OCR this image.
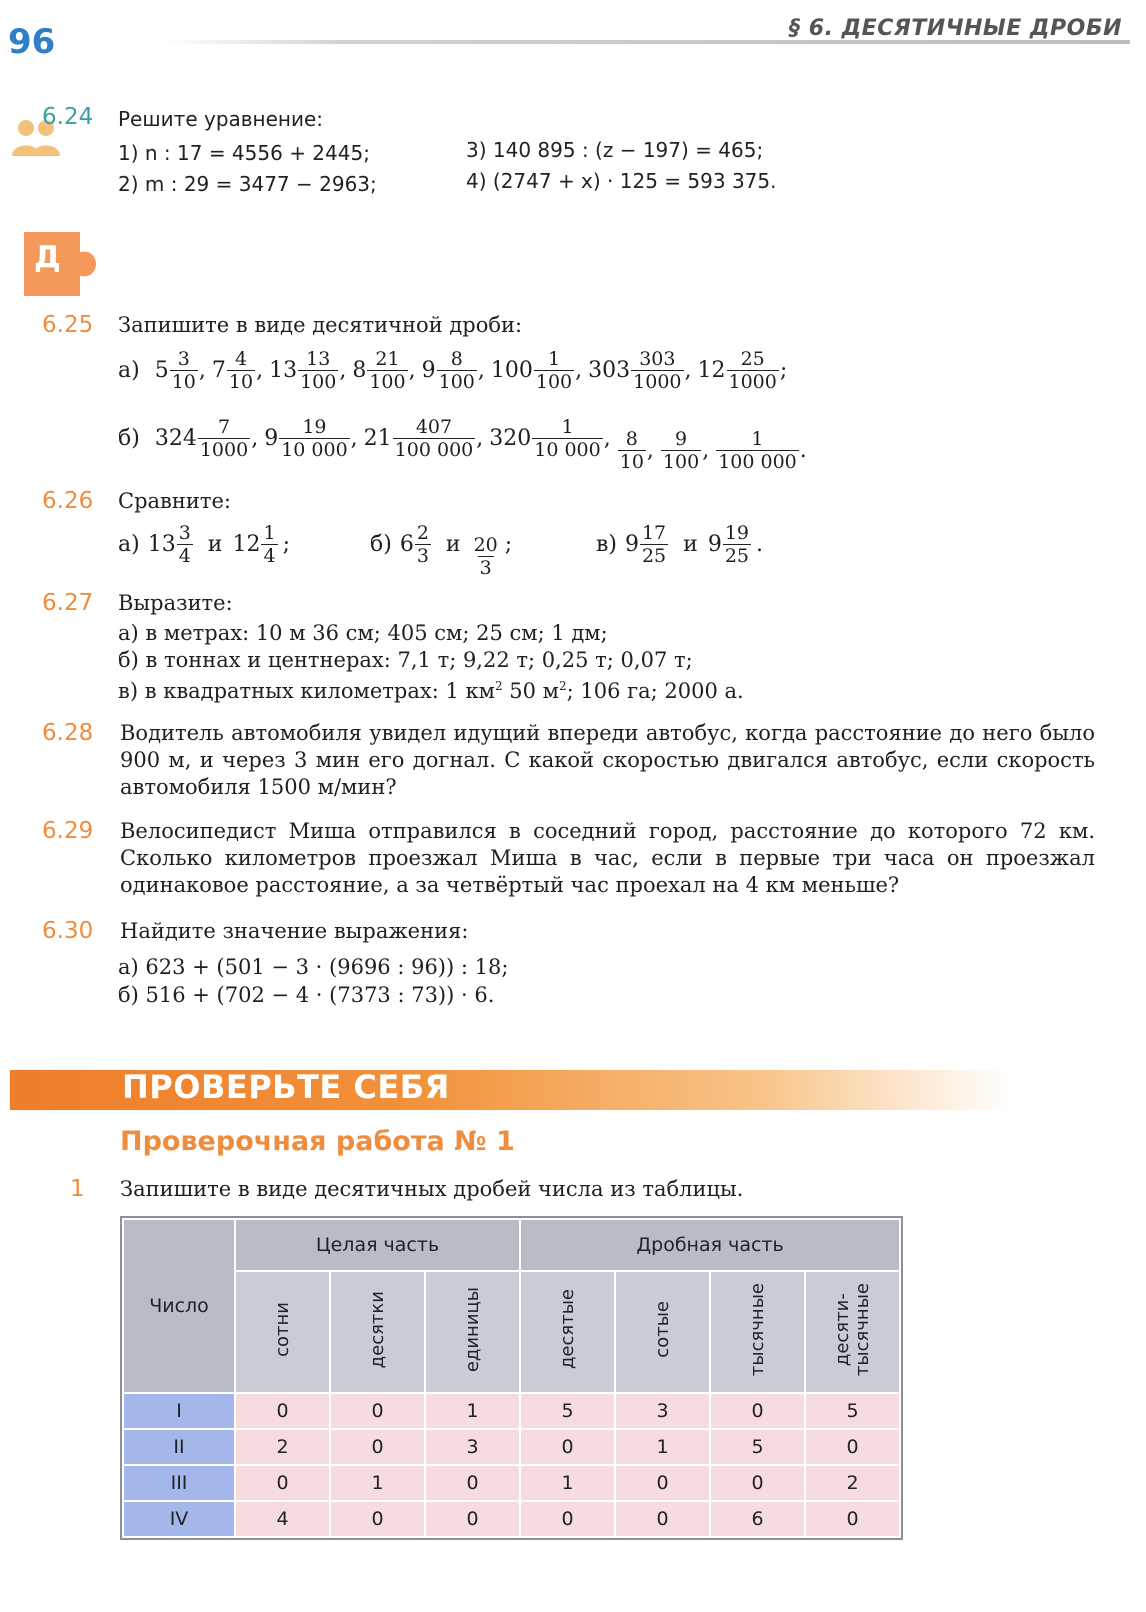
96	§ 6. ДЕСЯТИЧНЫЕ ДРОБИ
6.24 Решите уравнение:
1) n : 17 = 4556 + 2445;
2) m : 29 = 3477 − 2963;
3) 140 895 : (z − 197) = 465;
4) (2747 + x) · 125 = 593 375.
Д
6.25 Запишите в виде десятичной дроби:
а) $5 \frac{3}{10}$ , $7 \frac{4}{10}$ , $13 \frac{13}{100}$ , $8 \frac{21}{100}$ , $9 \frac{8}{100}$ , $100 \frac{1}{100}$ , $303 \frac{303}{1000}$ , $12 \frac{25}{1000}$ ;
б) $324 \frac{7}{1000}$ , $9 \frac{19}{10 000}$ , $21 \frac{407}{100 000}$ , $320 \frac{1}{10 000}$ , $\frac{8}{10}$ , $\frac{9}{100}$ , $\frac{1}{100 000}$ .
6.26 Сравните:
а) $13 \frac{3}{4}$ и $12 \frac{1}{4}$ ;	б) $6 \frac{2}{3}$ и $\frac{20}{3}$ ;	в) $9 \frac{17}{25}$ и $9 \frac{19}{25}$ .
6.27 Выразите:
а) в метрах: 10 м 36 см; 405 см; 25 см; 1 дм;
б) в тоннах и центнерах: 7,1 т; 9,22 т; 0,25 т; 0,07 т;
в) в квадратных километрах: 1 $км^2$ 50 $м^2$; 106 га; 2000 а.
6.28 Водитель автомобиля увидел идущий впереди автобус, когда расстояние до него было 900 м, и через 3 мин его догнал. С какой скоростью двигался автобус, если скорость автомобиля 1500 м/мин?
6.29 Велосипедист Миша отправился в соседний город, расстояние до которого 72 км. Сколько километров проезжал Миша в час, если в первые три часа он проезжал одинаковое расстояние, а за четвёртый час проехал на 4 км меньше?
6.30 Найдите значение выражения:
а) 623 + (501 − 3 · (9696 : 96)) : 18;
б) 516 + (702 − 4 · (7373 : 73)) · 6.
ПРОВЕРЬТЕ СЕБЯ
Проверочная работа № 1
1 Запишите в виде десятичных дробей числа из таблицы.
Число	Целая часть			Дробная часть			
	сотни	десятки	единицы	десятые	сотые	тысячные	десяти-
тысячные
I	0	0	1	5	3	0	5
II	2	0	3	0	1	5	0
III	0	1	0	1	0	0	2
IV	4	0	0	0	0	6	0
